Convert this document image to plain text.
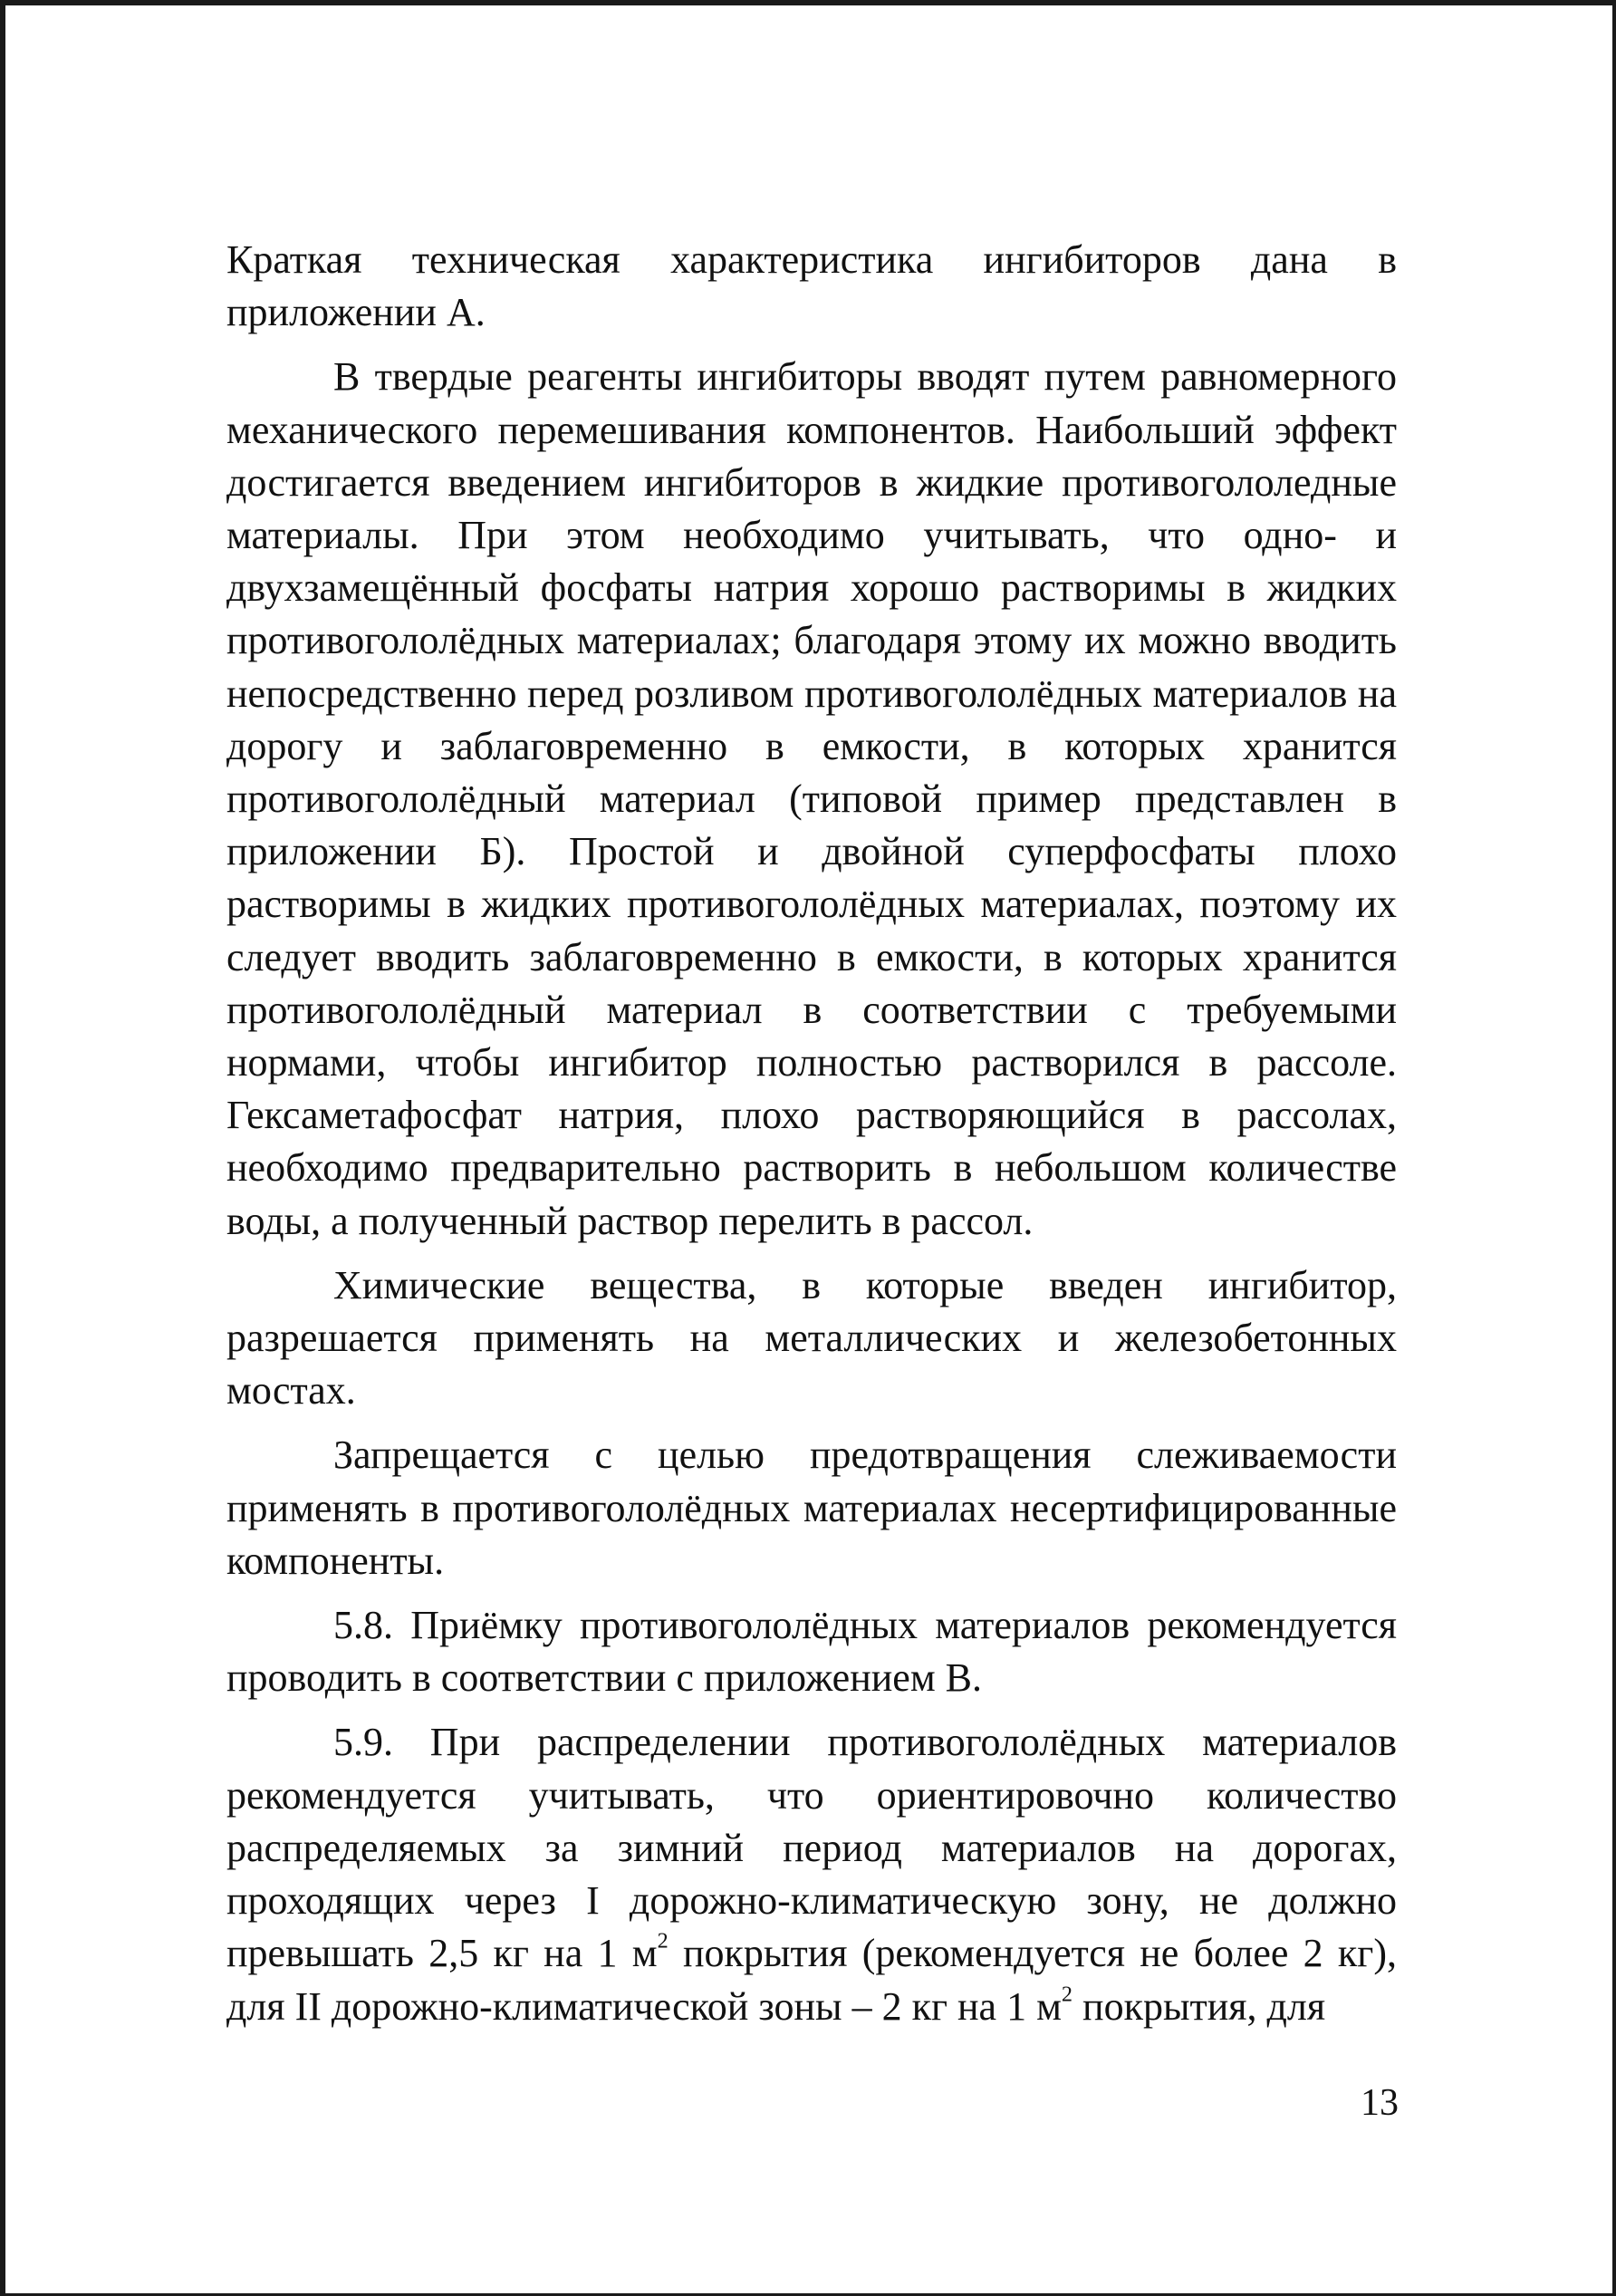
Краткая техническая характеристика ингибиторов дана в приложении А.

В твердые реагенты ингибиторы вводят путем равномерного механического перемешивания компонентов. Наибольший эффект достигается введением ингибиторов в жидкие противогололедные материалы. При этом необходимо учитывать, что одно- и двухзамещённый фосфаты натрия хорошо растворимы в жидких противогололёдных материалах; благодаря этому их можно вводить непосредственно перед розливом противогололёдных материалов на дорогу и заблаговременно в емкости, в которых хранится противогололёдный материал (типовой пример представлен в приложении Б). Простой и двойной суперфосфаты плохо растворимы в жидких противогололёдных материалах, поэтому их следует вводить заблаговременно в емкости, в которых хранится противогололёдный материал в соответствии с требуемыми нормами, чтобы ингибитор полностью растворился в рассоле. Гексаметафосфат натрия, плохо растворяющийся в рассолах, необходимо предварительно растворить в небольшом количестве воды, а полученный раствор перелить в рассол.

Химические вещества, в которые введен ингибитор, разрешается применять на металлических и железобетонных мостах.

Запрещается с целью предотвращения слеживаемости применять в противогололёдных материалах несертифицированные компоненты.

5.8. Приёмку противогололёдных материалов рекомендуется проводить в соответствии с приложением В.

5.9. При распределении противогололёдных материалов рекомендуется учитывать, что ориентировочно количество распределяемых за зимний период материалов на дорогах, проходящих через I дорожно-климатическую зону, не должно превышать 2,5 кг на 1 $м^2$ покрытия (рекомендуется не более 2 кг), для II дорожно-климатической зоны – 2 кг на 1 $м^2$ покрытия, для

13
